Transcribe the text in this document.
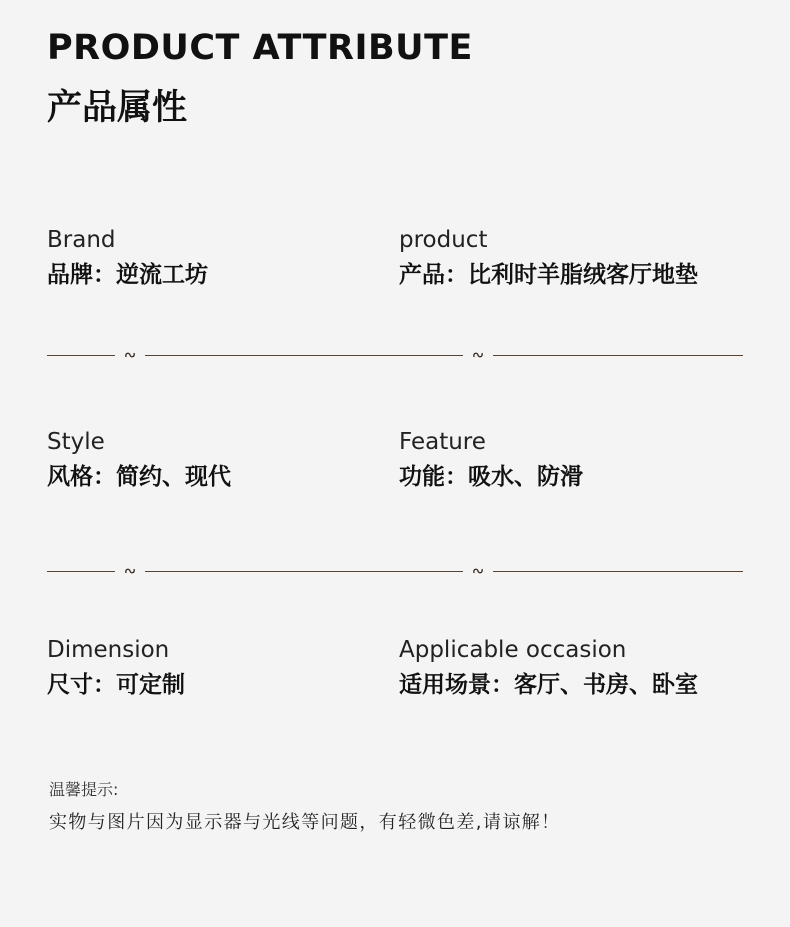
PRODUCT ATTRIBUTE
产品属性
Brand
品牌：逆流工坊
product
产品：比利时羊脂绒客厅地垫
Style
风格：简约、现代
Feature
功能：吸水、防滑
Dimension
尺寸：可定制
Applicable occasion
适用场景：客厅、书房、卧室
温馨提示:
实物与图片因为显示器与光线等问题，有轻微色差,请谅解！
